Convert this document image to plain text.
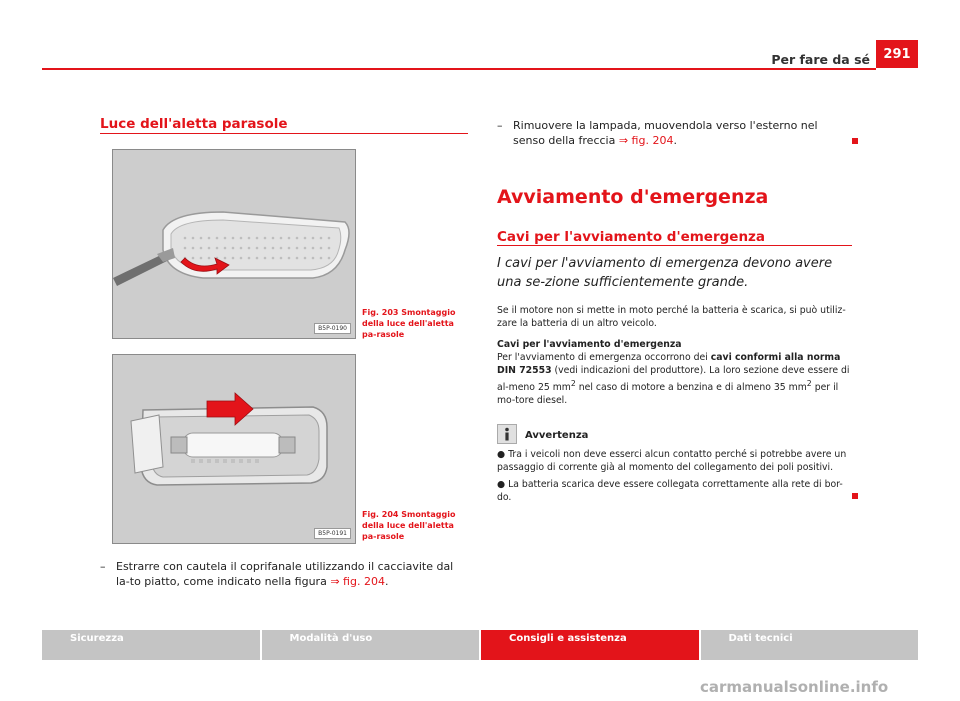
Per fare da sé	291
Luce dell'aletta parasole
B5P-0190
Fig. 203 Smontaggio della luce dell'aletta pa-rasole
B5P-0191
Fig. 204 Smontaggio della luce dell'aletta pa-rasole
– Estrarre con cautela il coprifanale utilizzando il cacciavite dal la-to piatto, come indicato nella figura ⇒ fig. 204.
– Rimuovere la lampada, muovendola verso l'esterno nel senso della freccia ⇒ fig. 204.
Avviamento d'emergenza
Cavi per l'avviamento d'emergenza
I cavi per l'avviamento di emergenza devono avere una se-zione sufficientemente grande.
Se il motore non si mette in moto perché la batteria è scarica, si può utiliz-zare la batteria di un altro veicolo.
Cavi per l'avviamento d'emergenza
Per l'avviamento di emergenza occorrono dei cavi conformi alla norma DIN 72553 (vedi indicazioni del produttore). La loro sezione deve essere di al-meno 25 $mm^2$ nel caso di motore a benzina e di almeno 35 $mm^2$ per il mo-tore diesel.
Avvertenza
● Tra i veicoli non deve esserci alcun contatto perché si potrebbe avere un passaggio di corrente già al momento del collegamento dei poli positivi.
● La batteria scarica deve essere collegata correttamente alla rete di bor-do.
Sicurezza	Modalità d'uso	Consigli e assistenza	Dati tecnici
carmanualsonline.info
